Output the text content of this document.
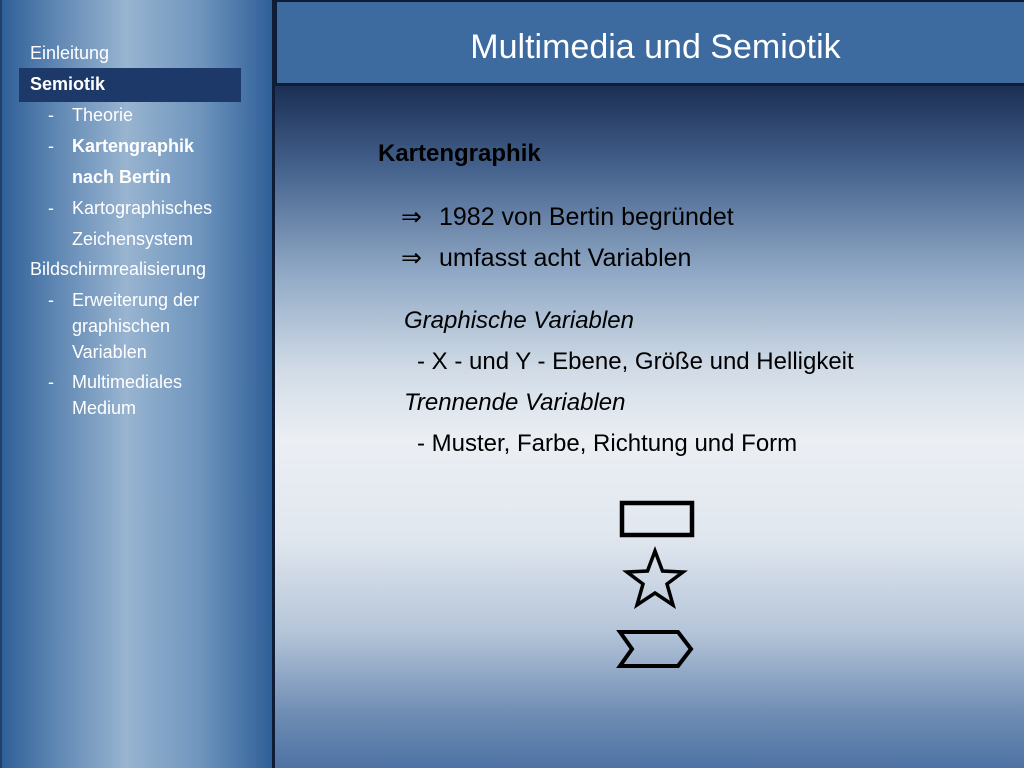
Einleitung
Semiotik
- Theorie
- Kartengraphik
nach Bertin
- Kartographisches
Zeichensystem
Bildschirmrealisierung
- Erweiterung der
graphischen
Variablen
- Multimediales
Medium
Multimedia und Semiotik
Kartengraphik
⇒ 1982 von Bertin begründet
⇒ umfasst acht Variablen
Graphische Variablen
- X - und Y - Ebene, Größe und Helligkeit
Trennende Variablen
- Muster, Farbe, Richtung und Form
